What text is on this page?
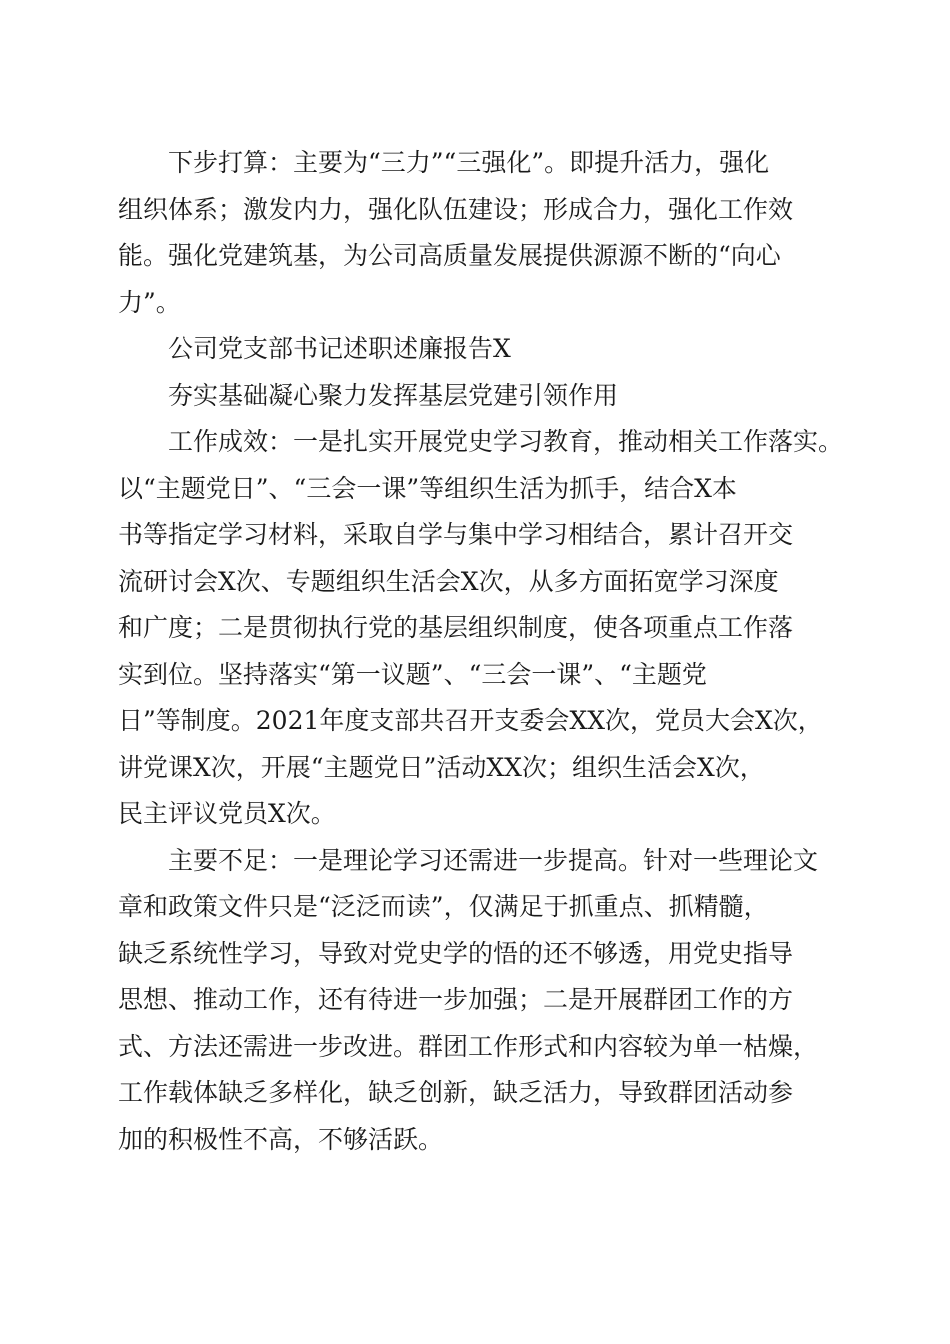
下步打算：主要为“三力”“三强化”。即提升活力，强化
组织体系；激发内力，强化队伍建设；形成合力，强化工作效
能。强化党建筑基，为公司高质量发展提供源源不断的“向心
力”。
公司党支部书记述职述廉报告X
夯实基础凝心聚力发挥基层党建引领作用
工作成效：一是扎实开展党史学习教育，推动相关工作落实。
以“主题党日”、“三会一课”等组织生活为抓手，结合X本
书等指定学习材料，采取自学与集中学习相结合，累计召开交
流研讨会X次、专题组织生活会X次，从多方面拓宽学习深度
和广度；二是贯彻执行党的基层组织制度，使各项重点工作落
实到位。坚持落实“第一议题”、“三会一课”、“主题党
日”等制度。2021年度支部共召开支委会XX次，党员大会X次，
讲党课X次，开展“主题党日”活动XX次；组织生活会X次，
民主评议党员X次。
主要不足：一是理论学习还需进一步提高。针对一些理论文
章和政策文件只是“泛泛而读”，仅满足于抓重点、抓精髓，
缺乏系统性学习，导致对党史学的悟的还不够透，用党史指导
思想、推动工作，还有待进一步加强；二是开展群团工作的方
式、方法还需进一步改进。群团工作形式和内容较为单一枯燥，
工作载体缺乏多样化，缺乏创新，缺乏活力，导致群团活动参
加的积极性不高，不够活跃。
